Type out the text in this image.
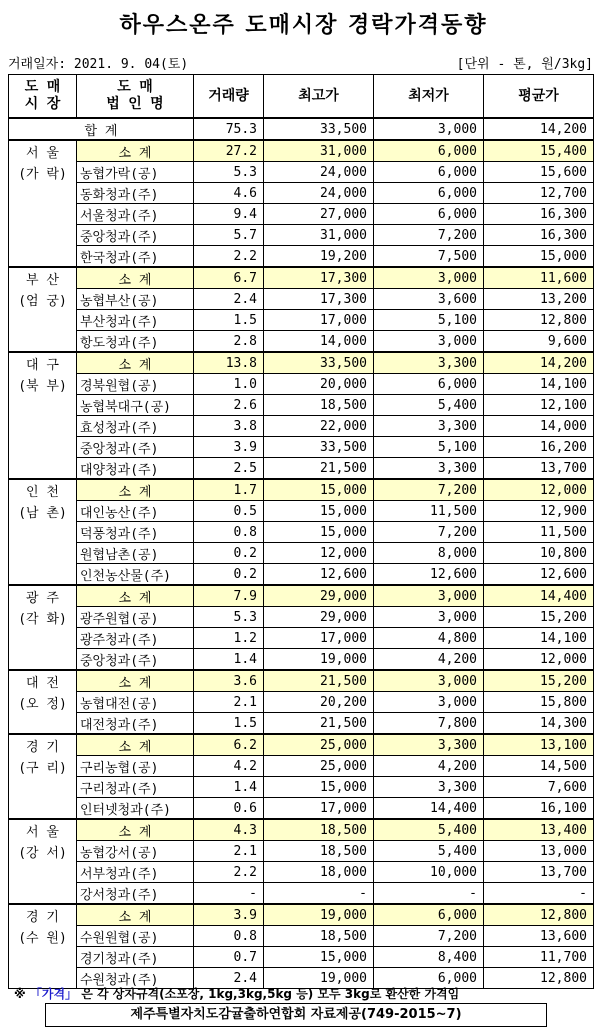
하우스온주 도매시장 경락가격동향
거래일자: 2021. 9. 04(토)	[단위 - 톤, 원/3kg]
도 매
시 장	도 매
법 인 명	거래량	최고가	최저가	평균가
합 계		75.3	33,500	3,000	14,200

서 울
(가 락)	소 계	27.2	31,000	6,000	15,400
	농협가락(공)	5.3	24,000	6,000	15,600
	동화청과(주)	4.6	24,000	6,000	12,700
	서울청과(주)	9.4	27,000	6,000	16,300
	중앙청과(주)	5.7	31,000	7,200	16,300
	한국청과(주)	2.2	19,200	7,500	15,000

부 산
(엄 궁)	소 계	6.7	17,300	3,000	11,600
	농협부산(공)	2.4	17,300	3,600	13,200
	부산청과(주)	1.5	17,000	5,100	12,800
	항도청과(주)	2.8	14,000	3,000	9,600

대 구
(북 부)	소 계	13.8	33,500	3,300	14,200
	경북원협(공)	1.0	20,000	6,000	14,100
	농협북대구(공)	2.6	18,500	5,400	12,100
	효성청과(주)	3.8	22,000	3,300	14,000
	중앙청과(주)	3.9	33,500	5,100	16,200
	대양청과(주)	2.5	21,500	3,300	13,700

인 천
(남 촌)	소 계	1.7	15,000	7,200	12,000
	대인농산(주)	0.5	15,000	11,500	12,900
	덕풍청과(주)	0.8	15,000	7,200	11,500
	원협남촌(공)	0.2	12,000	8,000	10,800
	인천농산물(주)	0.2	12,600	12,600	12,600

광 주
(각 화)	소 계	7.9	29,000	3,000	14,400
	광주원협(공)	5.3	29,000	3,000	15,200
	광주청과(주)	1.2	17,000	4,800	14,100
	중앙청과(주)	1.4	19,000	4,200	12,000

대 전
(오 정)	소 계	3.6	21,500	3,000	15,200
	농협대전(공)	2.1	20,200	3,000	15,800
	대전청과(주)	1.5	21,500	7,800	14,300

경 기
(구 리)	소 계	6.2	25,000	3,300	13,100
	구리농협(공)	4.2	25,000	4,200	14,500
	구리청과(주)	1.4	15,000	3,300	7,600
	인터넷청과(주)	0.6	17,000	14,400	16,100

서 울
(강 서)	소 계	4.3	18,500	5,400	13,400
	농협강서(공)	2.1	18,500	5,400	13,000
	서부청과(주)	2.2	18,000	10,000	13,700
	강서청과(주)	-	-	-	-

경 기
(수 원)	소 계	3.9	19,000	6,000	12,800
	수원원협(공)	0.8	18,500	7,200	13,600
	경기청과(주)	0.7	15,000	8,400	11,700
	수원청과(주)	2.4	19,000	6,000	12,800
※ 「가격」 은 각 상자규격(소포장, 1kg,3kg,5kg 등) 모두 3kg로 환산한 가격임
제주특별자치도감귤출하연합회 자료제공(749-2015~7)
